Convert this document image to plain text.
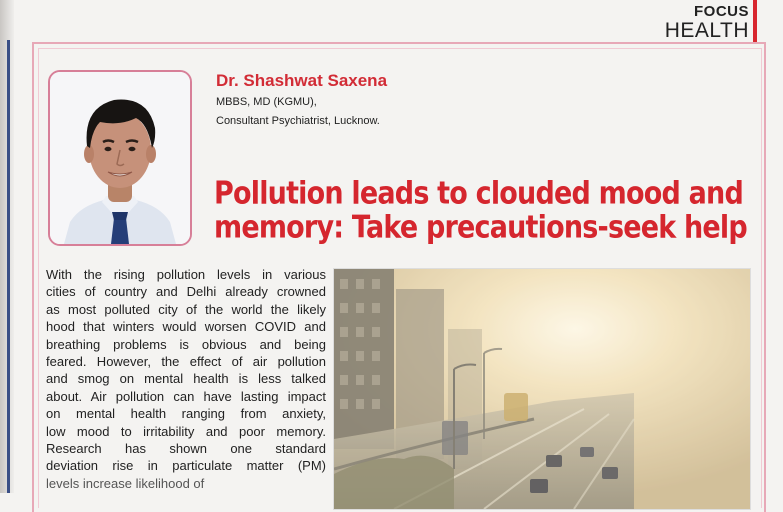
FOCUS
HEALTH
Dr. Shashwat Saxena
MBBS, MD (KGMU),
Consultant Psychiatrist, Lucknow.
Pollution leads to clouded mood and
memory: Take precautions-seek help
With the rising pollution levels in various
cities of country and Delhi already crowned
as most polluted city of the world the likely
hood that winters would worsen COVID and
breathing problems is obvious and being
feared. However, the effect of air pollution
and smog on mental health is less talked
about. Air pollution can have lasting impact
on mental health ranging from anxiety,
low mood to irritability and poor memory.
Research has shown one standard
deviation rise in particulate matter (PM)
levels increase likelihood of
